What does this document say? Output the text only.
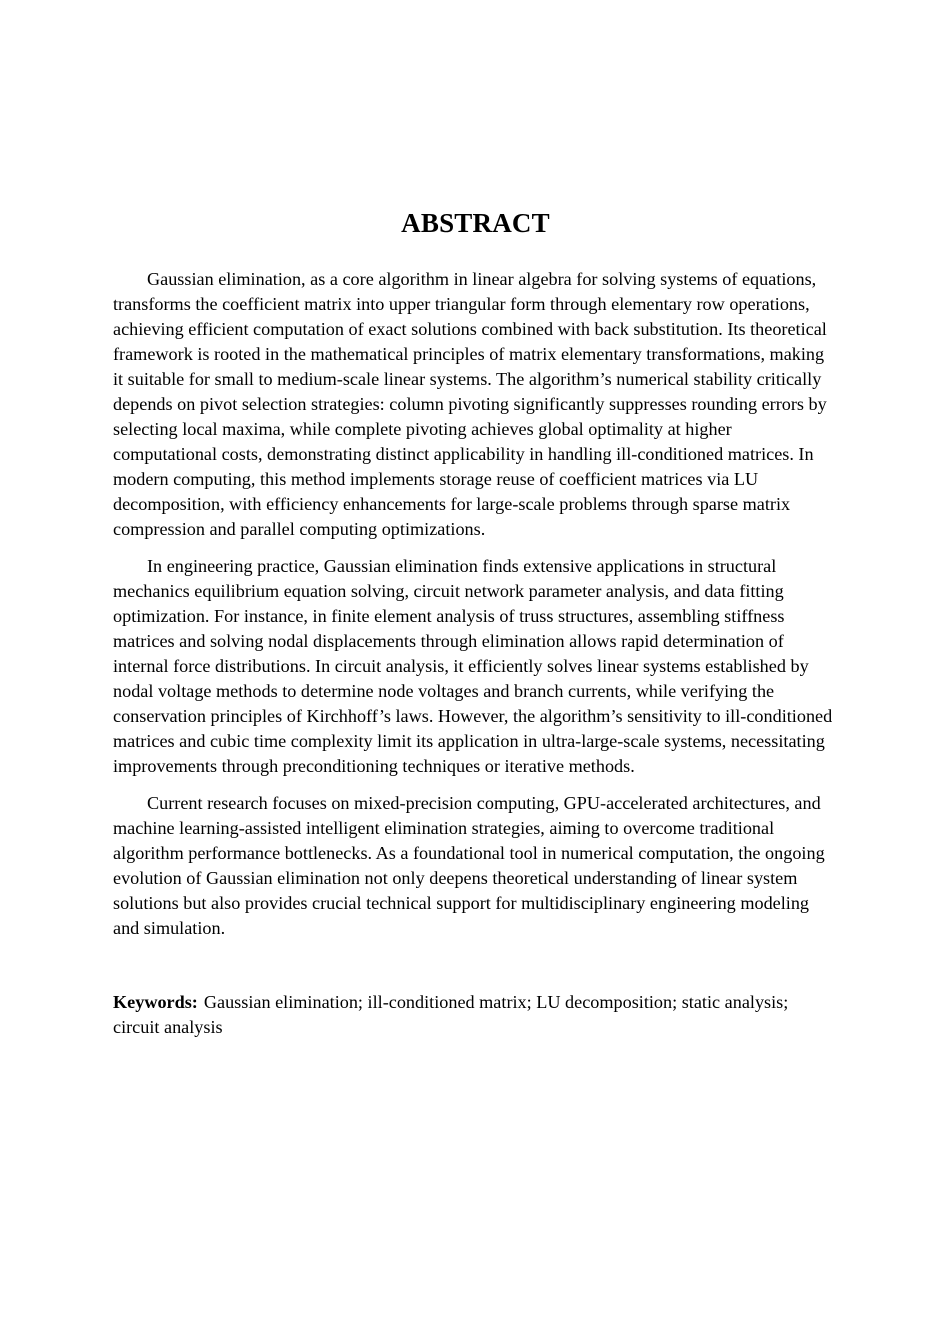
ABSTRACT

Gaussian elimination, as a core algorithm in linear algebra for solving systems of equations, transforms the coefficient matrix into upper triangular form through elementary row operations, achieving efficient computation of exact solutions combined with back substitution. Its theoretical framework is rooted in the mathematical principles of matrix elementary transformations, making it suitable for small to medium-scale linear systems. The algorithm’s numerical stability critically depends on pivot selection strategies: column pivoting significantly suppresses rounding errors by selecting local maxima, while complete pivoting achieves global optimality at higher computational costs, demonstrating distinct applicability in handling ill-conditioned matrices. In modern computing, this method implements storage reuse of coefficient matrices via LU decomposition, with efficiency enhancements for large-scale problems through sparse matrix compression and parallel computing optimizations.

In engineering practice, Gaussian elimination finds extensive applications in structural mechanics equilibrium equation solving, circuit network parameter analysis, and data fitting optimization. For instance, in finite element analysis of truss structures, assembling stiffness matrices and solving nodal displacements through elimination allows rapid determination of internal force distributions. In circuit analysis, it efficiently solves linear systems established by nodal voltage methods to determine node voltages and branch currents, while verifying the conservation principles of Kirchhoff’s laws. However, the algorithm’s sensitivity to ill-conditioned matrices and cubic time complexity limit its application in ultra-large-scale systems, necessitating improvements through preconditioning techniques or iterative methods.

Current research focuses on mixed-precision computing, GPU-accelerated architectures, and machine learning-assisted intelligent elimination strategies, aiming to overcome traditional algorithm performance bottlenecks. As a foundational tool in numerical computation, the ongoing evolution of Gaussian elimination not only deepens theoretical understanding of linear system solutions but also provides crucial technical support for multidisciplinary engineering modeling and simulation.

Keywords: Gaussian elimination; ill-conditioned matrix; LU decomposition; static analysis; circuit analysis
